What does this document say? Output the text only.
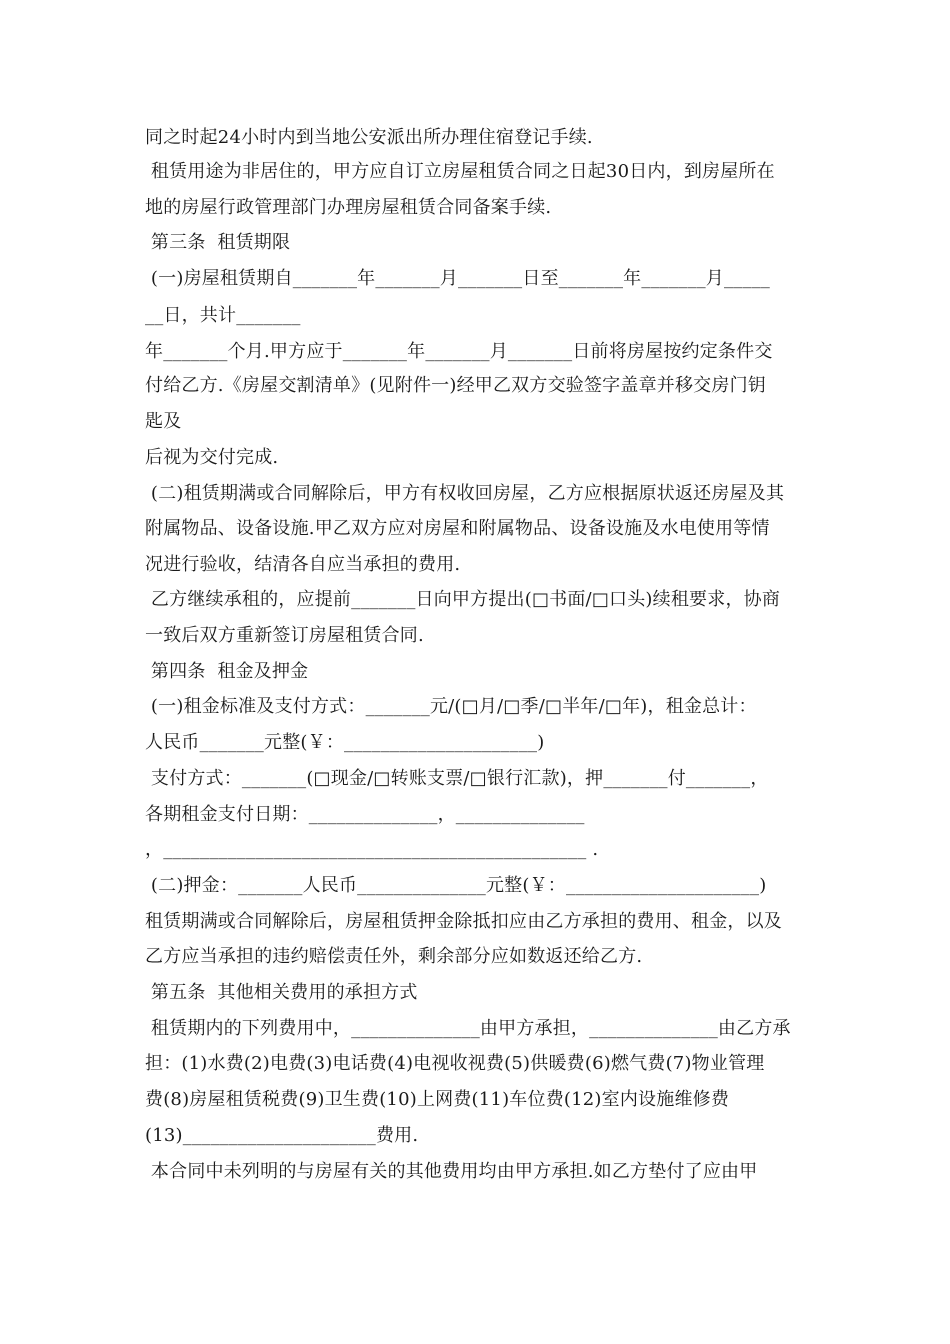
同之时起24小时内到当地公安派出所办理住宿登记手续.
租赁用途为非居住的，甲方应自订立房屋租赁合同之日起30日内，到房屋所在
地的房屋行政管理部门办理房屋租赁合同备案手续.
第三条  租赁期限
(一)房屋租赁期自_______年_______月_______日至_______年_______月_____
__日，共计_______
年_______个月.甲方应于_______年_______月_______日前将房屋按约定条件交
付给乙方.《房屋交割清单》(见附件一)经甲乙双方交验签字盖章并移交房门钥
匙及
后视为交付完成.
(二)租赁期满或合同解除后，甲方有权收回房屋，乙方应根据原状返还房屋及其
附属物品、设备设施.甲乙双方应对房屋和附属物品、设备设施及水电使用等情
况进行验收，结清各自应当承担的费用.
乙方继续承租的，应提前_______日向甲方提出(□书面/□口头)续租要求，协商
一致后双方重新签订房屋租赁合同.
第四条  租金及押金
(一)租金标准及支付方式：_______元/(□月/□季/□半年/□年)，租金总计：
人民币_______元整(￥：_____________________)
支付方式：_______(□现金/□转账支票/□银行汇款)，押_______付_______，
各期租金支付日期：______________，______________
，______________________________________________ .
(二)押金：_______人民币______________元整(￥：_____________________)
租赁期满或合同解除后，房屋租赁押金除抵扣应由乙方承担的费用、租金，以及
乙方应当承担的违约赔偿责任外，剩余部分应如数返还给乙方.
第五条  其他相关费用的承担方式
租赁期内的下列费用中，______________由甲方承担，______________由乙方承
担：(1)水费(2)电费(3)电话费(4)电视收视费(5)供暖费(6)燃气费(7)物业管理
费(8)房屋租赁税费(9)卫生费(10)上网费(11)车位费(12)室内设施维修费
(13)_____________________费用.
本合同中未列明的与房屋有关的其他费用均由甲方承担.如乙方垫付了应由甲
